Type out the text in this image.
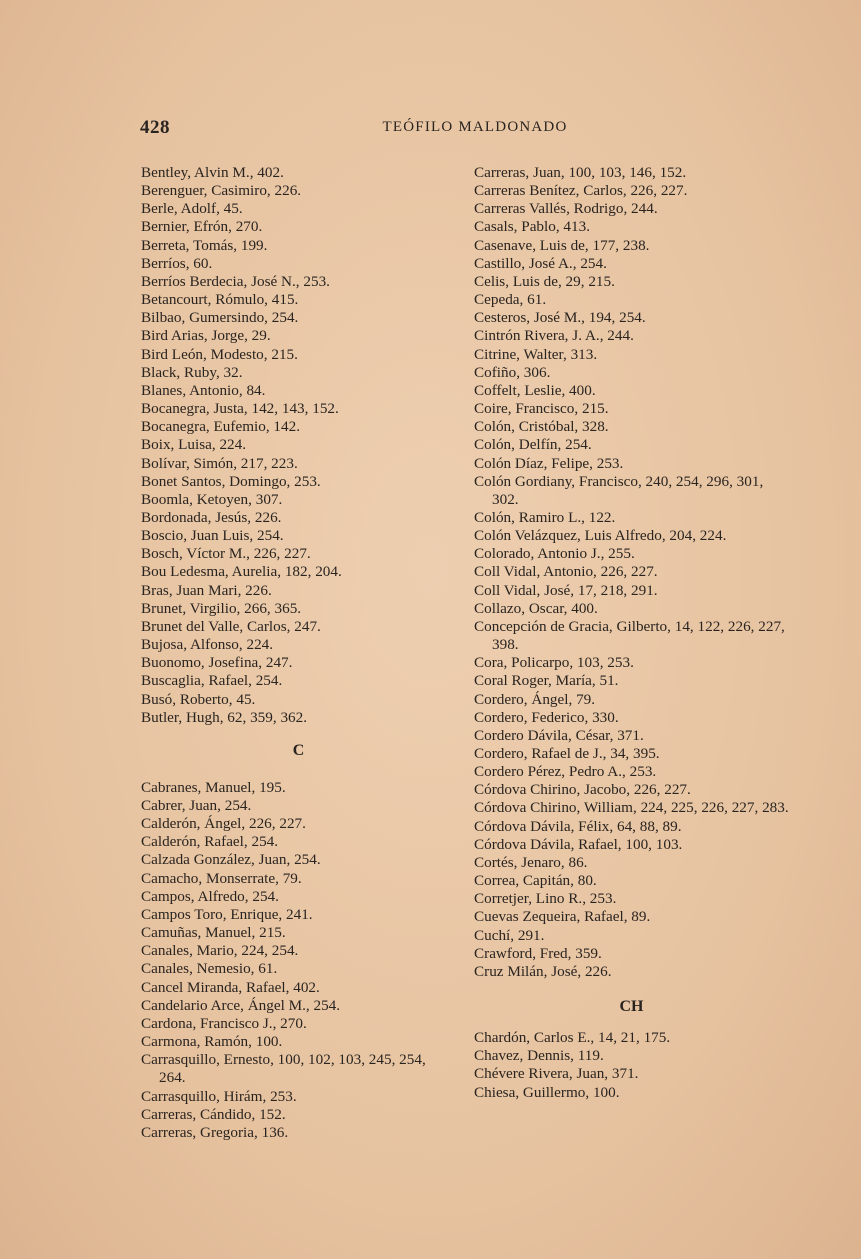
428	TEÓFILO MALDONADO

Bentley, Alvin M., 402.

Berenguer, Casimiro, 226.

Berle, Adolf, 45.

Bernier, Efrón, 270.

Berreta, Tomás, 199.

Berríos, 60.

Berríos Berdecia, José N., 253.

Betancourt, Rómulo, 415.

Bilbao, Gumersindo, 254.

Bird Arias, Jorge, 29.

Bird León, Modesto, 215.

Black, Ruby, 32.

Blanes, Antonio, 84.

Bocanegra, Justa, 142, 143, 152.

Bocanegra, Eufemio, 142.

Boix, Luisa, 224.

Bolívar, Simón, 217, 223.

Bonet Santos, Domingo, 253.

Boomla, Ketoyen, 307.

Bordonada, Jesús, 226.

Boscio, Juan Luis, 254.

Bosch, Víctor M., 226, 227.

Bou Ledesma, Aurelia, 182, 204.

Bras, Juan Mari, 226.

Brunet, Virgilio, 266, 365.

Brunet del Valle, Carlos, 247.

Bujosa, Alfonso, 224.

Buonomo, Josefina, 247.

Buscaglia, Rafael, 254.

Busó, Roberto, 45.

Butler, Hugh, 62, 359, 362.

C

Cabranes, Manuel, 195.

Cabrer, Juan, 254.

Calderón, Ángel, 226, 227.

Calderón, Rafael, 254.

Calzada González, Juan, 254.

Camacho, Monserrate, 79.

Campos, Alfredo, 254.

Campos Toro, Enrique, 241.

Camuñas, Manuel, 215.

Canales, Mario, 224, 254.

Canales, Nemesio, 61.

Cancel Miranda, Rafael, 402.

Candelario Arce, Ángel M., 254.

Cardona, Francisco J., 270.

Carmona, Ramón, 100.

Carrasquillo, Ernesto, 100, 102, 103, 245, 254, 264.

Carrasquillo, Hirám, 253.

Carreras, Cándido, 152.

Carreras, Gregoria, 136.

Carreras, Juan, 100, 103, 146, 152.

Carreras Benítez, Carlos, 226, 227.

Carreras Vallés, Rodrigo, 244.

Casals, Pablo, 413.

Casenave, Luis de, 177, 238.

Castillo, José A., 254.

Celis, Luis de, 29, 215.

Cepeda, 61.

Cesteros, José M., 194, 254.

Cintrón Rivera, J. A., 244.

Citrine, Walter, 313.

Cofiño, 306.

Coffelt, Leslie, 400.

Coire, Francisco, 215.

Colón, Cristóbal, 328.

Colón, Delfín, 254.

Colón Díaz, Felipe, 253.

Colón Gordiany, Francisco, 240, 254, 296, 301, 302.

Colón, Ramiro L., 122.

Colón Velázquez, Luis Alfredo, 204, 224.

Colorado, Antonio J., 255.

Coll Vidal, Antonio, 226, 227.

Coll Vidal, José, 17, 218, 291.

Collazo, Oscar, 400.

Concepción de Gracia, Gilberto, 14, 122, 226, 227, 398.

Cora, Policarpo, 103, 253.

Coral Roger, María, 51.

Cordero, Ángel, 79.

Cordero, Federico, 330.

Cordero Dávila, César, 371.

Cordero, Rafael de J., 34, 395.

Cordero Pérez, Pedro A., 253.

Córdova Chirino, Jacobo, 226, 227.

Córdova Chirino, William, 224, 225, 226, 227, 283.

Córdova Dávila, Félix, 64, 88, 89.

Córdova Dávila, Rafael, 100, 103.

Cortés, Jenaro, 86.

Correa, Capitán, 80.

Corretjer, Lino R., 253.

Cuevas Zequeira, Rafael, 89.

Cuchí, 291.

Crawford, Fred, 359.

Cruz Milán, José, 226.

CH

Chardón, Carlos E., 14, 21, 175.

Chavez, Dennis, 119.

Chévere Rivera, Juan, 371.

Chiesa, Guillermo, 100.
